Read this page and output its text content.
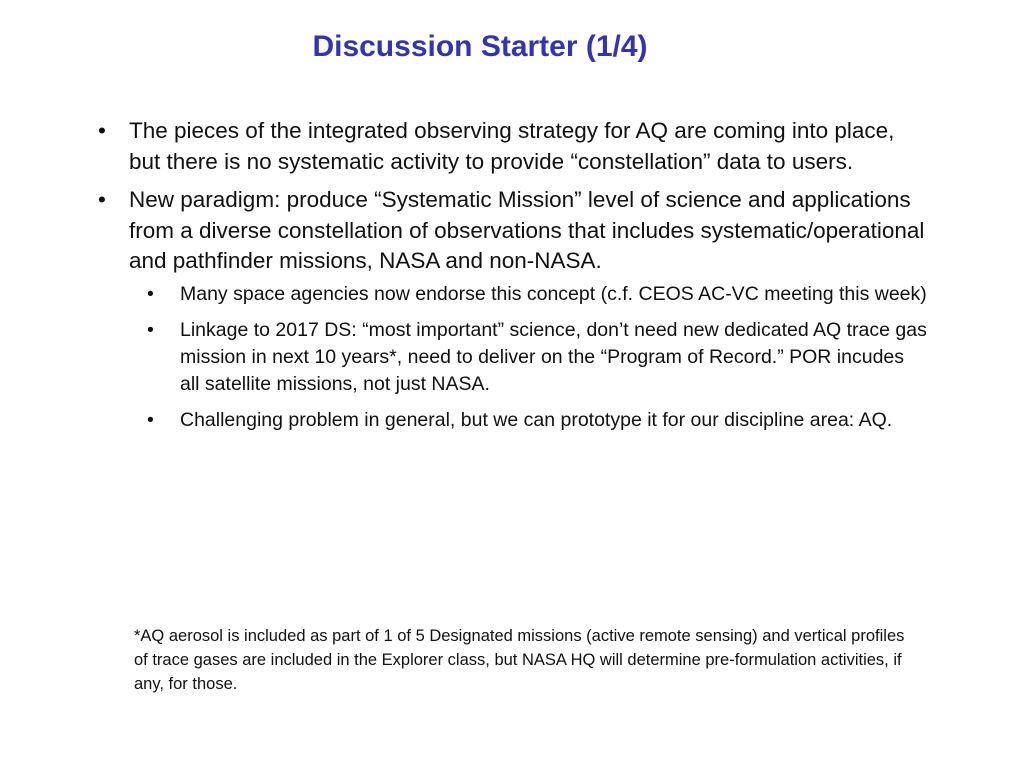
Discussion Starter (1/4)
• The pieces of the integrated observing strategy for AQ are coming into place, but there is no systematic activity to provide “constellation” data to users.
• New paradigm: produce “Systematic Mission” level of science and applications from a diverse constellation of observations that includes systematic/operational and pathfinder missions, NASA and non-NASA.
• Many space agencies now endorse this concept (c.f. CEOS AC-VC meeting this week)
• Linkage to 2017 DS: “most important” science, don’t need new dedicated AQ trace gas mission in next 10 years*, need to deliver on the “Program of Record.” POR incudes all satellite missions, not just NASA.
• Challenging problem in general, but we can prototype it for our discipline area: AQ.

*AQ aerosol is included as part of 1 of 5 Designated missions (active remote sensing) and vertical profiles of trace gases are included in the Explorer class, but NASA HQ will determine pre-formulation activities, if any, for those.
